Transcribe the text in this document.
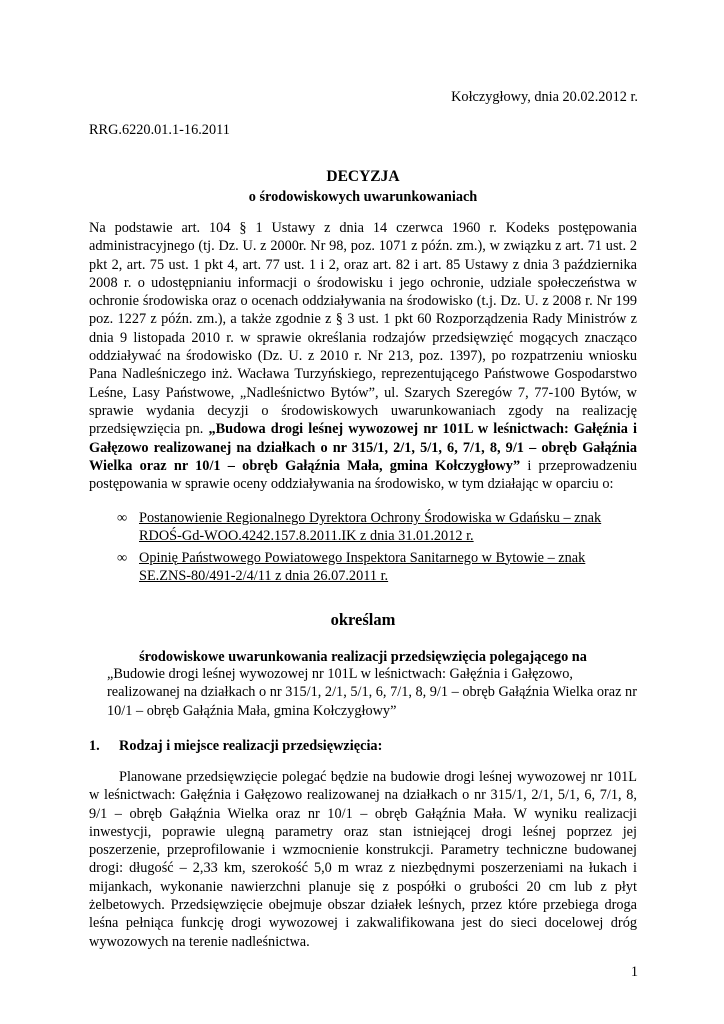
Kołczygłowy, dnia 20.02.2012 r.
RRG.6220.01.1-16.2011
DECYZJA
o środowiskowych uwarunkowaniach
Na podstawie art. 104 § 1 Ustawy z dnia 14 czerwca 1960 r. Kodeks postępowania administracyjnego (tj. Dz. U. z 2000r. Nr 98, poz. 1071 z późn. zm.), w związku z art. 71 ust. 2 pkt 2, art. 75 ust. 1 pkt 4, art. 77 ust. 1 i 2, oraz art. 82 i art. 85 Ustawy z dnia 3 października 2008 r. o udostępnianiu informacji o środowisku i jego ochronie, udziale społeczeństwa w ochronie środowiska oraz o ocenach oddziaływania na środowisko (t.j. Dz. U. z 2008 r. Nr 199 poz. 1227 z późn. zm.), a także zgodnie z § 3 ust. 1 pkt 60 Rozporządzenia Rady Ministrów z dnia 9 listopada 2010 r. w sprawie określania rodzajów przedsięwzięć mogących znacząco oddziaływać na środowisko (Dz. U. z 2010 r. Nr 213, poz. 1397), po rozpatrzeniu wniosku Pana Nadleśniczego inż. Wacława Turzyńskiego, reprezentującego Państwowe Gospodarstwo Leśne, Lasy Państwowe, „Nadleśnictwo Bytów”, ul. Szarych Szeregów 7, 77-100 Bytów, w sprawie wydania decyzji o środowiskowych uwarunkowaniach zgody na realizację przedsięwzięcia pn. „Budowa drogi leśnej wywozowej nr 101L w leśnictwach: Gałęźnia i Gałęzowo realizowanej na działkach o nr 315/1, 2/1, 5/1, 6, 7/1, 8, 9/1 – obręb Gałąźnia Wielka oraz nr 10/1 – obręb Gałąźnia Mała, gmina Kołczygłowy” i przeprowadzeniu postępowania w sprawie oceny oddziaływania na środowisko, w tym działając w oparciu o:
∞ Postanowienie Regionalnego Dyrektora Ochrony Środowiska w Gdańsku – znak RDOŚ-Gd-WOO.4242.157.8.2011.IK z dnia 31.01.2012 r.
∞ Opinię Państwowego Powiatowego Inspektora Sanitarnego w Bytowie – znak SE.ZNS-80/491-2/4/11 z dnia 26.07.2011 r.
określam
środowiskowe uwarunkowania realizacji przedsięwzięcia polegającego na
„Budowie drogi leśnej wywozowej nr 101L w leśnictwach: Gałęźnia i Gałęzowo, realizowanej na działkach o nr 315/1, 2/1, 5/1, 6, 7/1, 8, 9/1 – obręb Gałąźnia Wielka oraz nr 10/1 – obręb Gałąźnia Mała, gmina Kołczygłowy”
1. Rodzaj i miejsce realizacji przedsięwzięcia:
Planowane przedsięwzięcie polegać będzie na budowie drogi leśnej wywozowej nr 101L w leśnictwach: Gałęźnia i Gałęzowo realizowanej na działkach o nr 315/1, 2/1, 5/1, 6, 7/1, 8, 9/1 – obręb Gałąźnia Wielka oraz nr 10/1 – obręb Gałąźnia Mała. W wyniku realizacji inwestycji, poprawie ulegną parametry oraz stan istniejącej drogi leśnej poprzez jej poszerzenie, przeprofilowanie i wzmocnienie konstrukcji. Parametry techniczne budowanej drogi: długość – 2,33 km, szerokość 5,0 m wraz z niezbędnymi poszerzeniami na łukach i mijankach, wykonanie nawierzchni planuje się z pospółki o grubości 20 cm lub z płyt żelbetowych. Przedsięwzięcie obejmuje obszar działek leśnych, przez które przebiega droga leśna pełniąca funkcję drogi wywozowej i zakwalifikowana jest do sieci docelowej dróg wywozowych na terenie nadleśnictwa.
1
